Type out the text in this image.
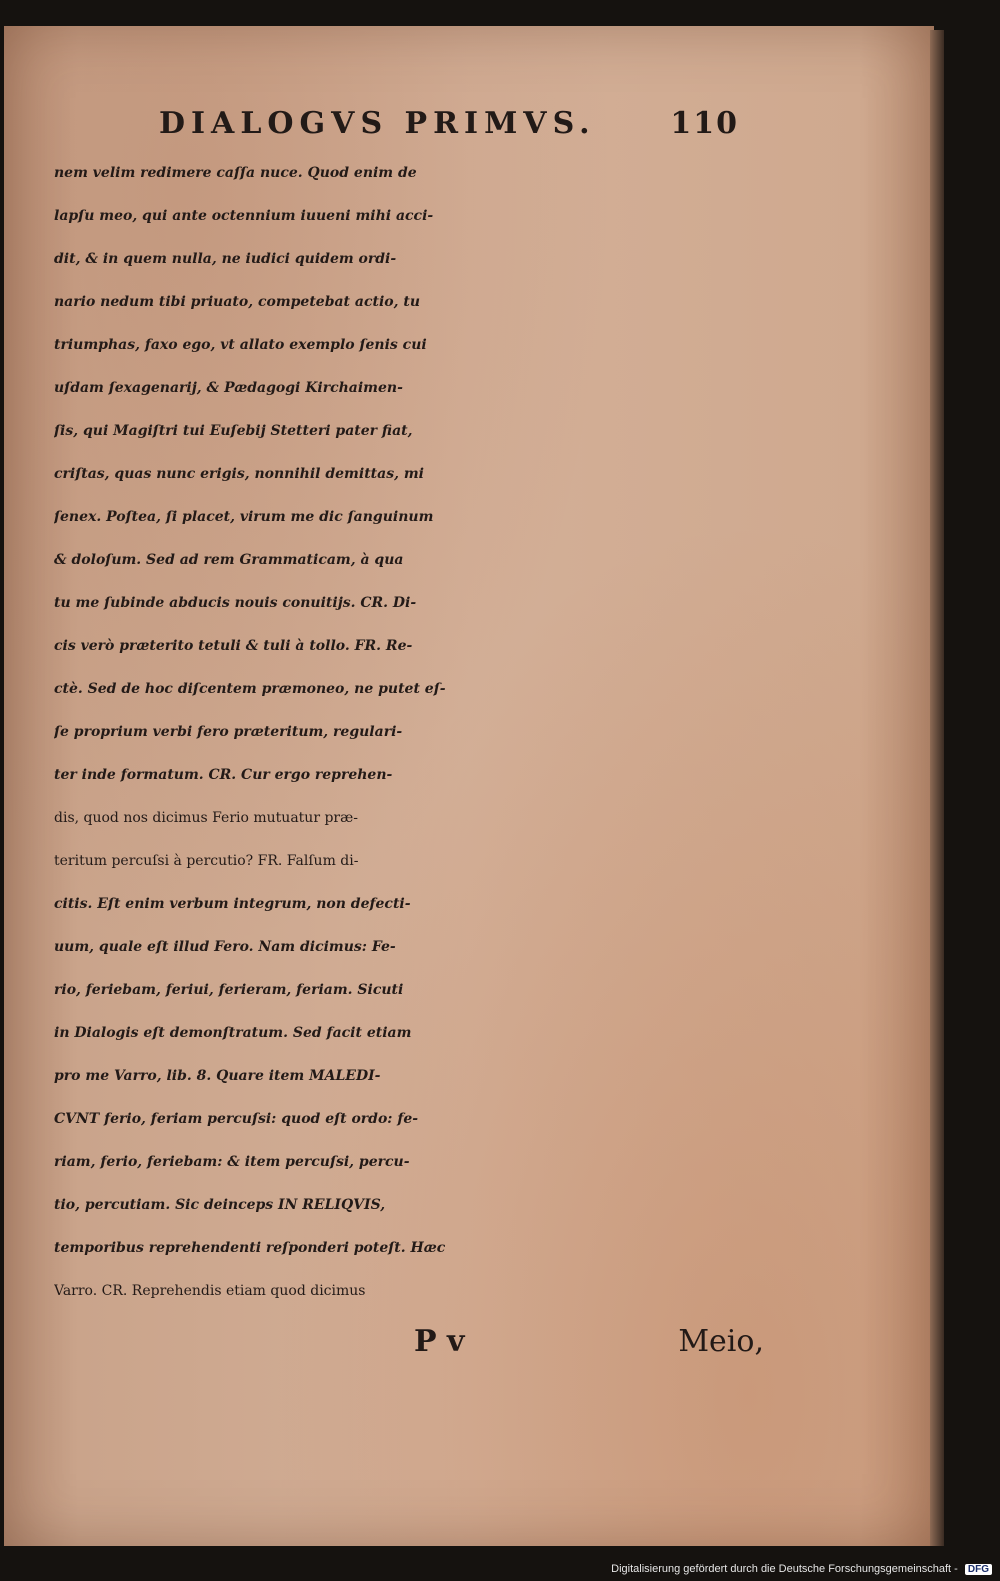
DIALOGVS PRIMVS. 110
nem velim redimere caſſa nuce. Quod enim de
lapſu meo, qui ante octennium iuueni mihi acci-
dit, & in quem nulla, ne iudici quidem ordi-
nario nedum tibi priuato, competebat actio, tu
triumphas, faxo ego, vt allato exemplo ſenis cui
uſdam ſexagenarij, & Pædagogi Kirchaimen-
ſis, qui Magiſtri tui Euſebij Stetteri pater fiat,
criſtas, quas nunc erigis, nonnihil demittas, mi
ſenex. Poſtea, ſi placet, virum me dic ſanguinum
& doloſum. Sed ad rem Grammaticam, à qua
tu me ſubinde abducis nouis conuitijs. CR. Di-
cis verò præterito tetuli & tuli à tollo. FR. Re-
ctè. Sed de hoc diſcentem præmoneo, ne putet eſ-
ſe proprium verbi fero præteritum, regulari-
ter inde formatum. CR. Cur ergo reprehen-
dis, quod nos dicimus Ferio mutuatur præ-
teritum percuſsi à percutio? FR. Falſum di-
citis. Eſt enim verbum integrum, non defecti-
uum, quale eſt illud Fero. Nam dicimus: Fe-
rio, feriebam, feriui, ferieram, feriam. Sicuti
in Dialogis eſt demonſtratum. Sed facit etiam
pro me Varro, lib. 8. Quare item MALEDI-
CVNT ferio, feriam percuſsi: quod eſt ordo: fe-
riam, ferio, feriebam: & item percuſsi, percu-
tio, percutiam. Sic deinceps IN RELIQVIS,
temporibus reprehendenti reſponderi poteſt. Hæc
Varro. CR. Reprehendis etiam quod dicimus
P v	Meio,
Digitalisierung gefördert durch die Deutsche Forschungsgemeinschaft - DFG
